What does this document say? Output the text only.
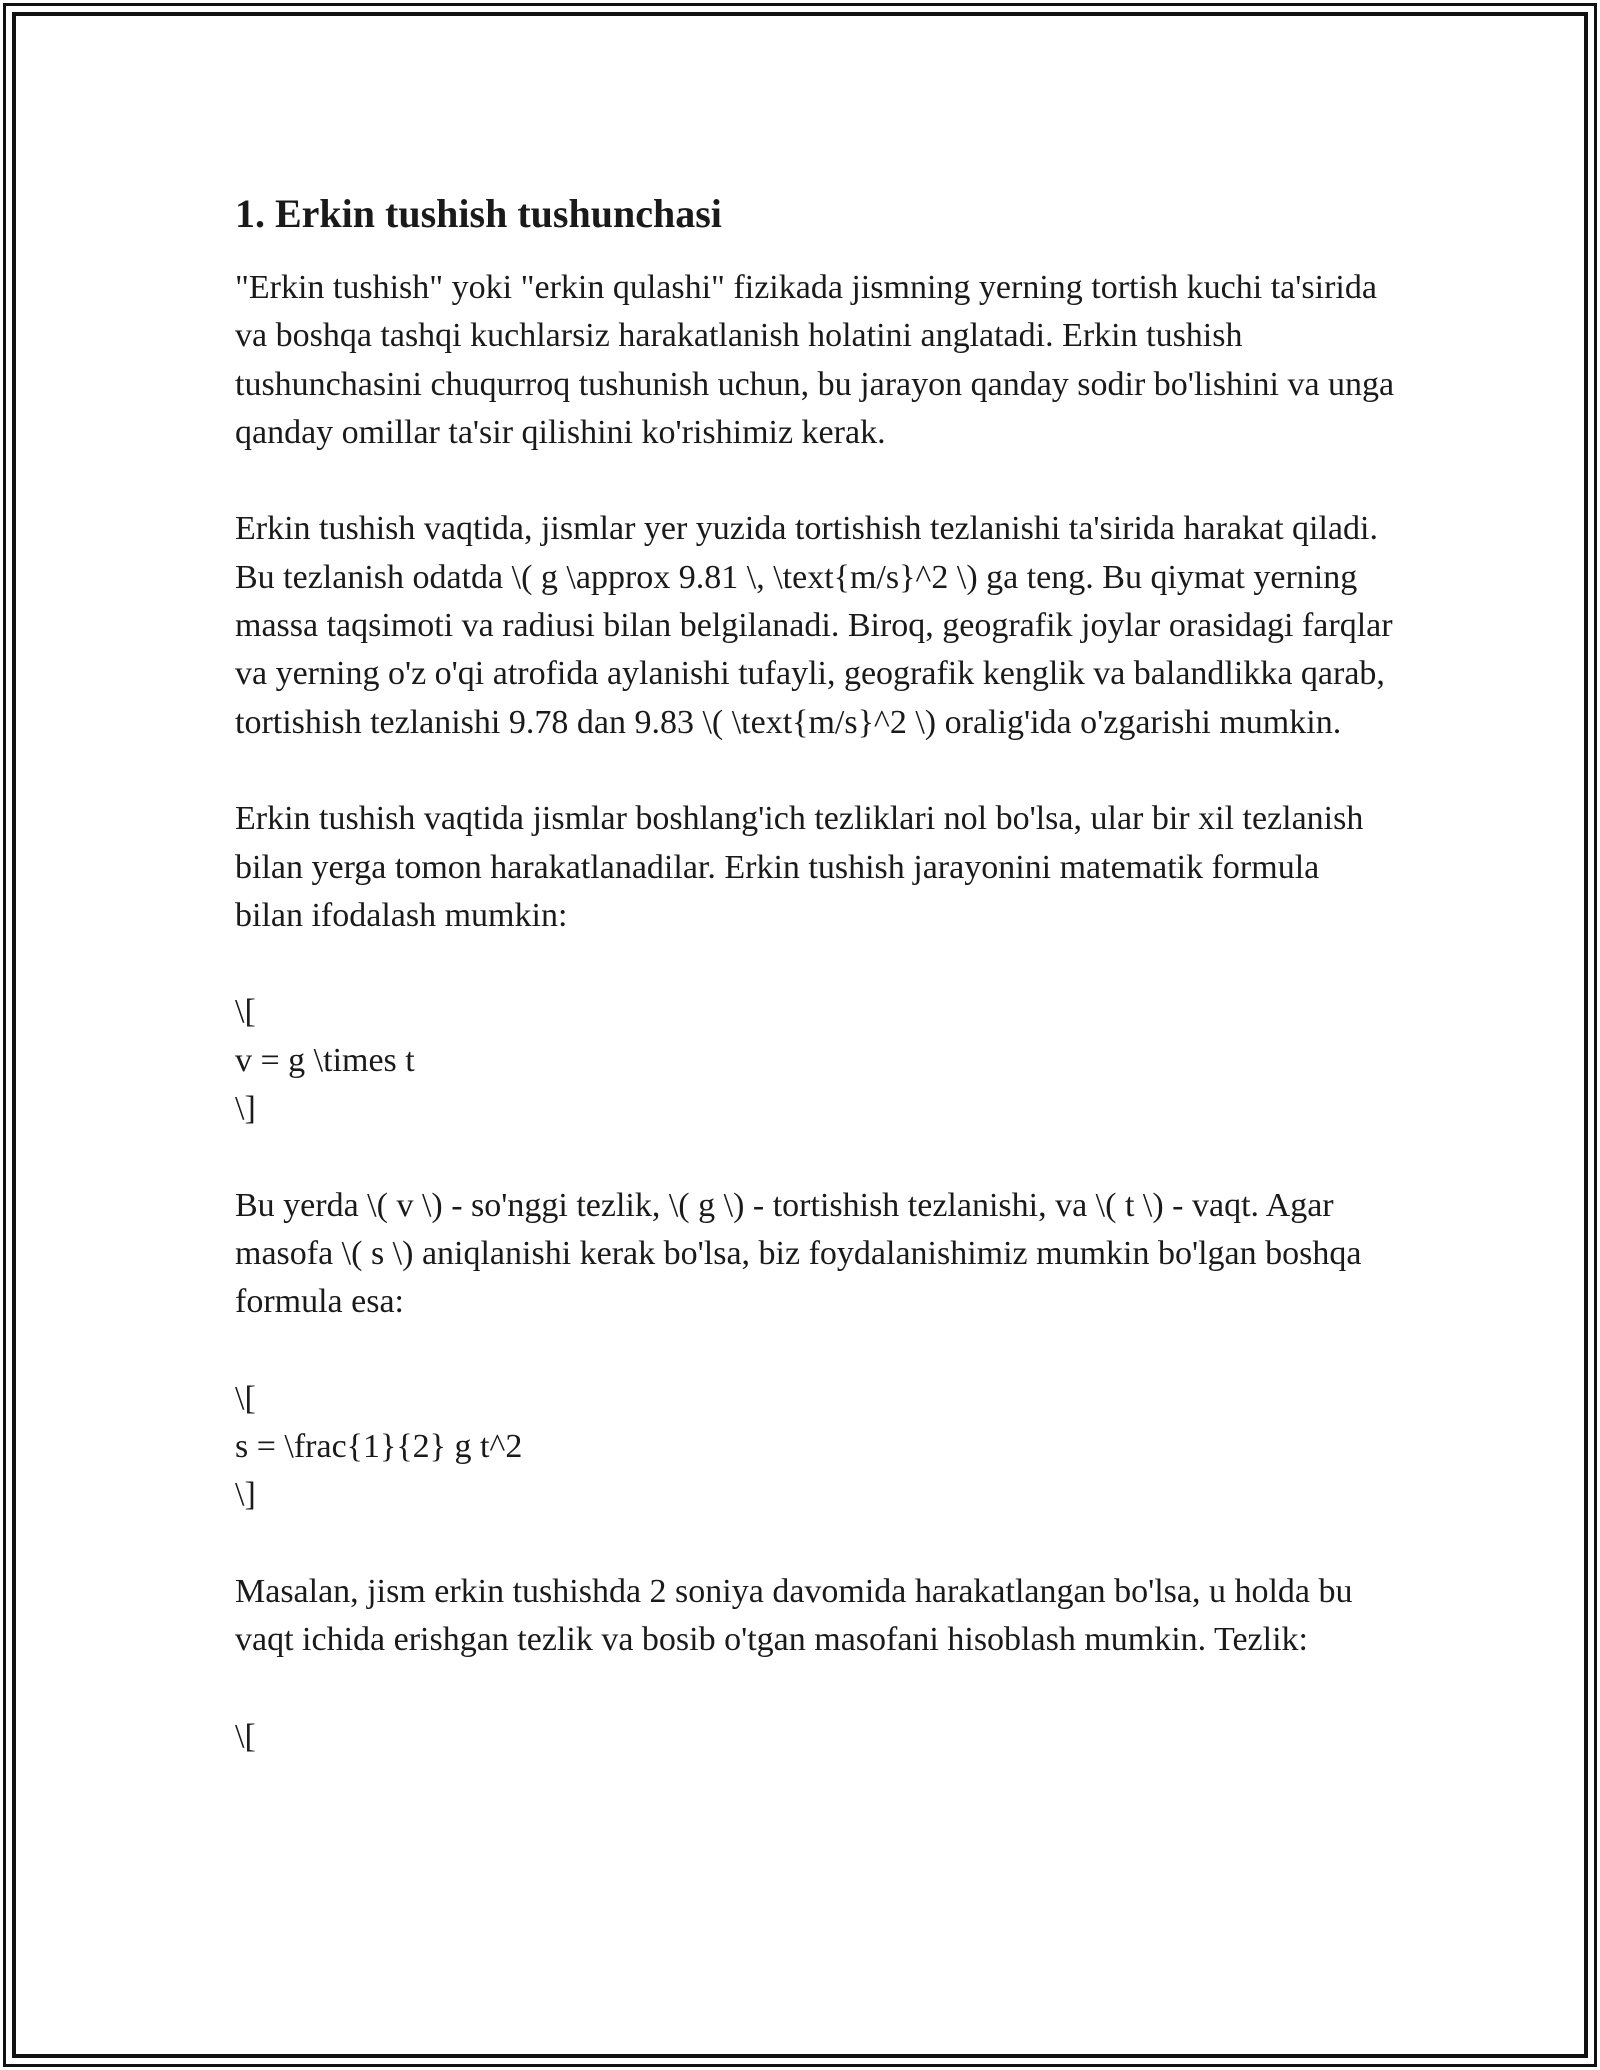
1. Erkin tushish tushunchasi

"Erkin tushish" yoki "erkin qulashi" fizikada jismning yerning tortish kuchi ta'sirida va boshqa tashqi kuchlarsiz harakatlanish holatini anglatadi. Erkin tushish tushunchasini chuqurroq tushunish uchun, bu jarayon qanday sodir bo'lishini va unga qanday omillar ta'sir qilishini ko'rishimiz kerak.

Erkin tushish vaqtida, jismlar yer yuzida tortishish tezlanishi ta'sirida harakat qiladi. Bu tezlanish odatda \( g \approx 9.81 \, \text{m/s}^2 \) ga teng. Bu qiymat yerning massa taqsimoti va radiusi bilan belgilanadi. Biroq, geografik joylar orasidagi farqlar va yerning o'z o'qi atrofida aylanishi tufayli, geografik kenglik va balandlikka qarab, tortishish tezlanishi 9.78 dan 9.83 \( \text{m/s}^2 \) oralig'ida o'zgarishi mumkin.

Erkin tushish vaqtida jismlar boshlang'ich tezliklari nol bo'lsa, ular bir xil tezlanish bilan yerga tomon harakatlanadilar. Erkin tushish jarayonini matematik formula bilan ifodalash mumkin:

\[
v = g \times t
\]

Bu yerda \( v \) - so'nggi tezlik, \( g \) - tortishish tezlanishi, va \( t \) - vaqt. Agar masofa \( s \) aniqlanishi kerak bo'lsa, biz foydalanishimiz mumkin bo'lgan boshqa formula esa:

\[
s = \frac{1}{2} g t^2
\]

Masalan, jism erkin tushishda 2 soniya davomida harakatlangan bo'lsa, u holda bu vaqt ichida erishgan tezlik va bosib o'tgan masofani hisoblash mumkin. Tezlik:

\[
